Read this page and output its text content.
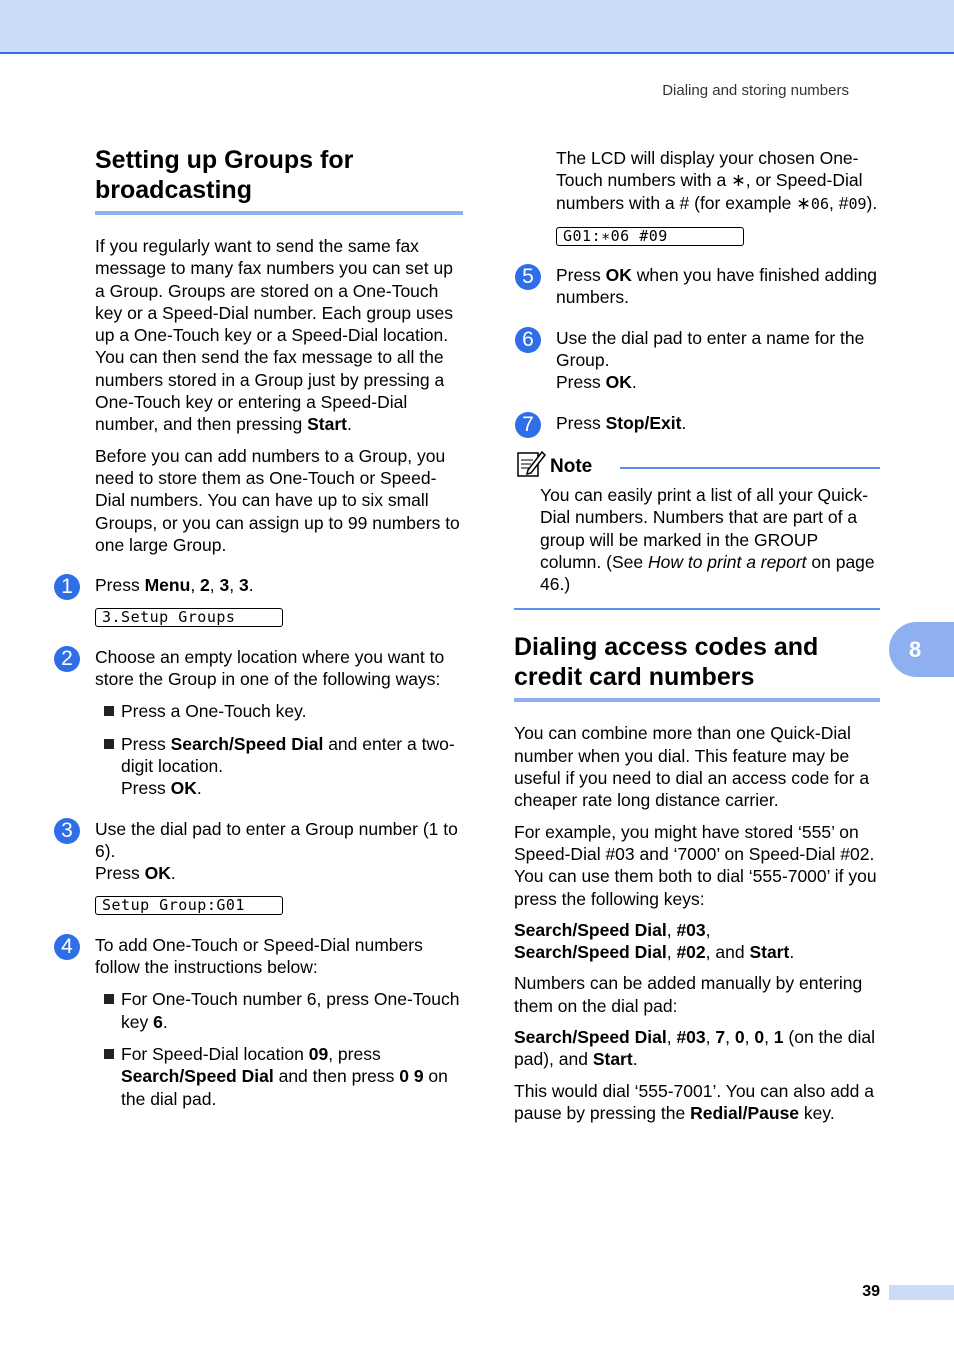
Dialing and storing numbers
Setting up Groups for broadcasting

If you regularly want to send the same fax message to many fax numbers you can set up a Group. Groups are stored on a One-Touch key or a Speed-Dial number. Each group uses up a One-Touch key or a Speed-Dial location. You can then send the fax message to all the numbers stored in a Group just by pressing a One-Touch key or entering a Speed-Dial number, and then pressing Start.

Before you can add numbers to a Group, you need to store them as One-Touch or Speed-Dial numbers. You can have up to six small Groups, or you can assign up to 99 numbers to one large Group.

1	Press Menu, 2, 3, 3.
3.Setup Groups
2	Choose an empty location where you want to store the Group in one of the following ways:
Press a One-Touch key.
Press Search/Speed Dial and enter a two-digit location.
Press OK.
3	Use the dial pad to enter a Group number (1 to 6).
Press OK.
Setup Group:G01
4	To add One-Touch or Speed-Dial numbers follow the instructions below:
For One-Touch number 6, press One-Touch key 6.
For Speed-Dial location 09, press Search/Speed Dial and then press 0 9 on the dial pad.

The LCD will display your chosen One-Touch numbers with a ∗, or Speed-Dial numbers with a # (for example ∗06, #09).

G01:∗06 #09
5	Press OK when you have finished adding numbers.
6	Use the dial pad to enter a name for the Group.
Press OK.
7	Press Stop/Exit.
Note
You can easily print a list of all your Quick-Dial numbers. Numbers that are part of a group will be marked in the GROUP column. (See How to print a report on page 46.)
Dialing access codes and credit card numbers

You can combine more than one Quick-Dial number when you dial. This feature may be useful if you need to dial an access code for a cheaper rate long distance carrier.

For example, you might have stored ‘555’ on Speed-Dial #03 and ‘7000’ on Speed-Dial #02. You can use them both to dial ‘555-7000’ if you press the following keys:

Search/Speed Dial, #03,
Search/Speed Dial, #02, and Start.

Numbers can be added manually by entering them on the dial pad:

Search/Speed Dial, #03, 7, 0, 0, 1 (on the dial pad), and Start.

This would dial ‘555-7001’. You can also add a pause by pressing the Redial/Pause key.

8
39
